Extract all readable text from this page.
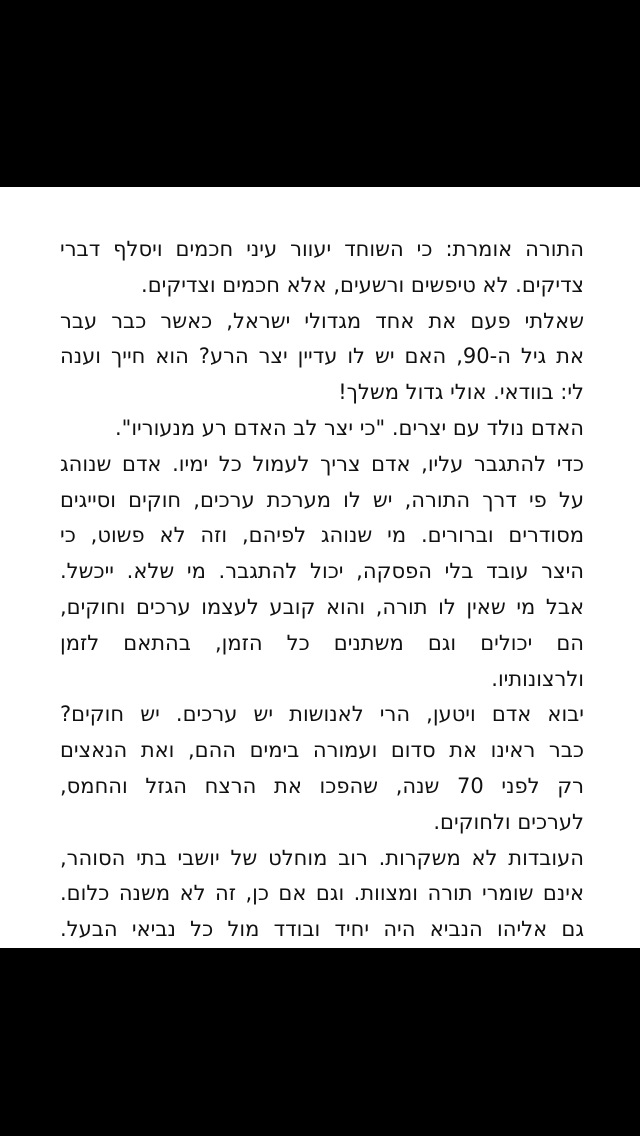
התורה אומרת: כי השוחד יעוור עיני חכמים ויסלף דברי
צדיקים. לא טיפשים ורשעים, אלא חכמים וצדיקים.
שאלתי פעם את אחד מגדולי ישראל, כאשר כבר עבר
את גיל ה-90, האם יש לו עדיין יצר הרע? הוא חייך וענה
לי: בוודאי. אולי גדול משלך!
האדם נולד עם יצרים. "כי יצר לב האדם רע מנעוריו".
כדי להתגבר עליו, אדם צריך לעמול כל ימיו. אדם שנוהג
על פי דרך התורה, יש לו מערכת ערכים, חוקים וסייגים
מסודרים וברורים. מי שנוהג לפיהם, וזה לא פשוט, כי
היצר עובד בלי הפסקה, יכול להתגבר. מי שלא. ייכשל.
אבל מי שאין לו תורה, והוא קובע לעצמו ערכים וחוקים,
הם יכולים וגם משתנים כל הזמן, בהתאם לזמן
ולרצונותיו.
יבוא אדם ויטען, הרי לאנושות יש ערכים. יש חוקים?
כבר ראינו את סדום ועמורה בימים ההם, ואת הנאצים
רק לפני 70 שנה, שהפכו את הרצח הגזל והחמס,
לערכים ולחוקים.
העובדות לא משקרות. רוב מוחלט של יושבי בתי הסוהר,
אינם שומרי תורה ומצוות. וגם אם כן, זה לא משנה כלום.
גם אליהו הנביא היה יחיד ובודד מול כל נביאי הבעל.
